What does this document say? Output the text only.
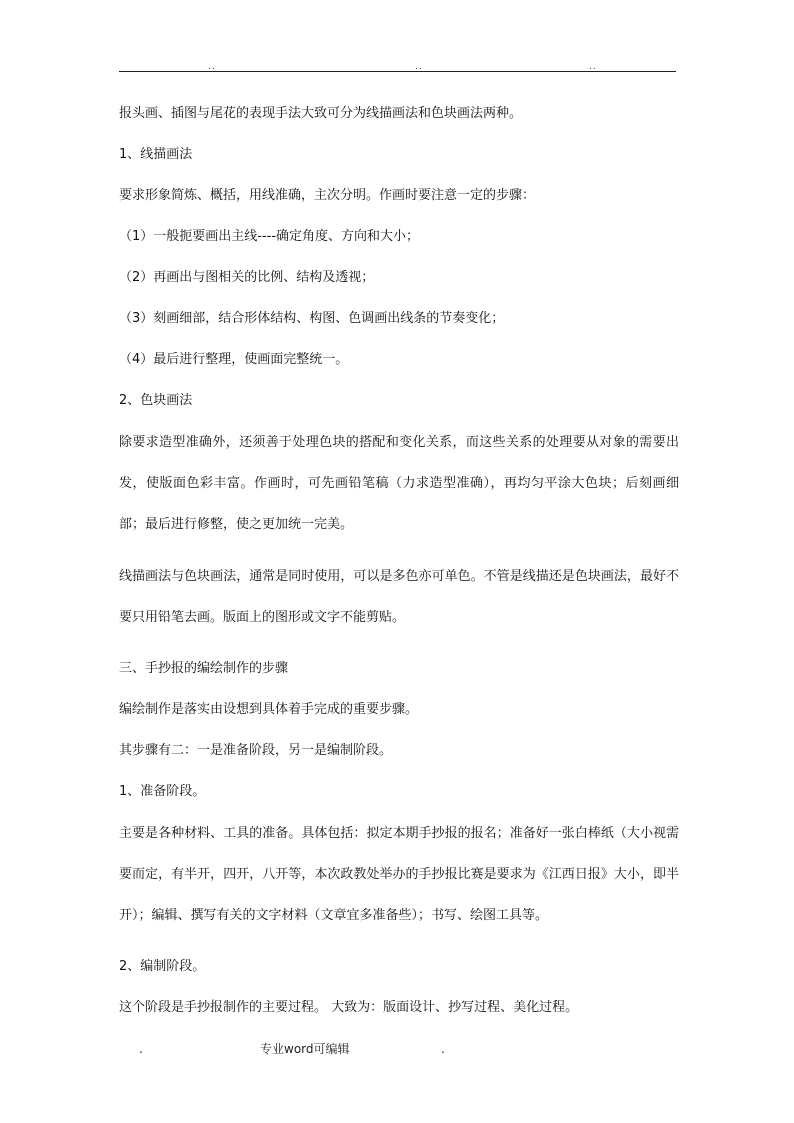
..	..	..

报头画、插图与尾花的表现手法大致可分为线描画法和色块画法两种。

1、线描画法

要求形象简炼、概括，用线准确，主次分明。作画时要注意一定的步骤：

（1）一般扼要画出主线----确定角度、方向和大小；

（2）再画出与图相关的比例、结构及透视；

（3）刻画细部，结合形体结构、构图、色调画出线条的节奏变化；

（4）最后进行整理，使画面完整统一。

2、色块画法

除要求造型准确外，还须善于处理色块的搭配和变化关系，而这些关系的处理要从对象的需要出发，使版面色彩丰富。作画时，可先画铅笔稿（力求造型准确），再均匀平涂大色块；后刻画细部；最后进行修整，使之更加统一完美。

线描画法与色块画法，通常是同时使用，可以是多色亦可单色。不管是线描还是色块画法，最好不要只用铅笔去画。版面上的图形或文字不能剪贴。

三、手抄报的编绘制作的步骤

编绘制作是落实由设想到具体着手完成的重要步骤。

其步骤有二：一是准备阶段，另一是编制阶段。

1、准备阶段。

主要是各种材料、工具的准备。具体包括：拟定本期手抄报的报名；准备好一张白棒纸（大小视需要而定，有半开，四开，八开等，本次政教处举办的手抄报比赛是要求为《江西日报》大小，即半开）；编辑、撰写有关的文字材料（文章宜多准备些）；书写、绘图工具等。

2、编制阶段。

这个阶段是手抄报制作的主要过程。 大致为：版面设计、抄写过程、美化过程。

.	专业word可编辑	.
